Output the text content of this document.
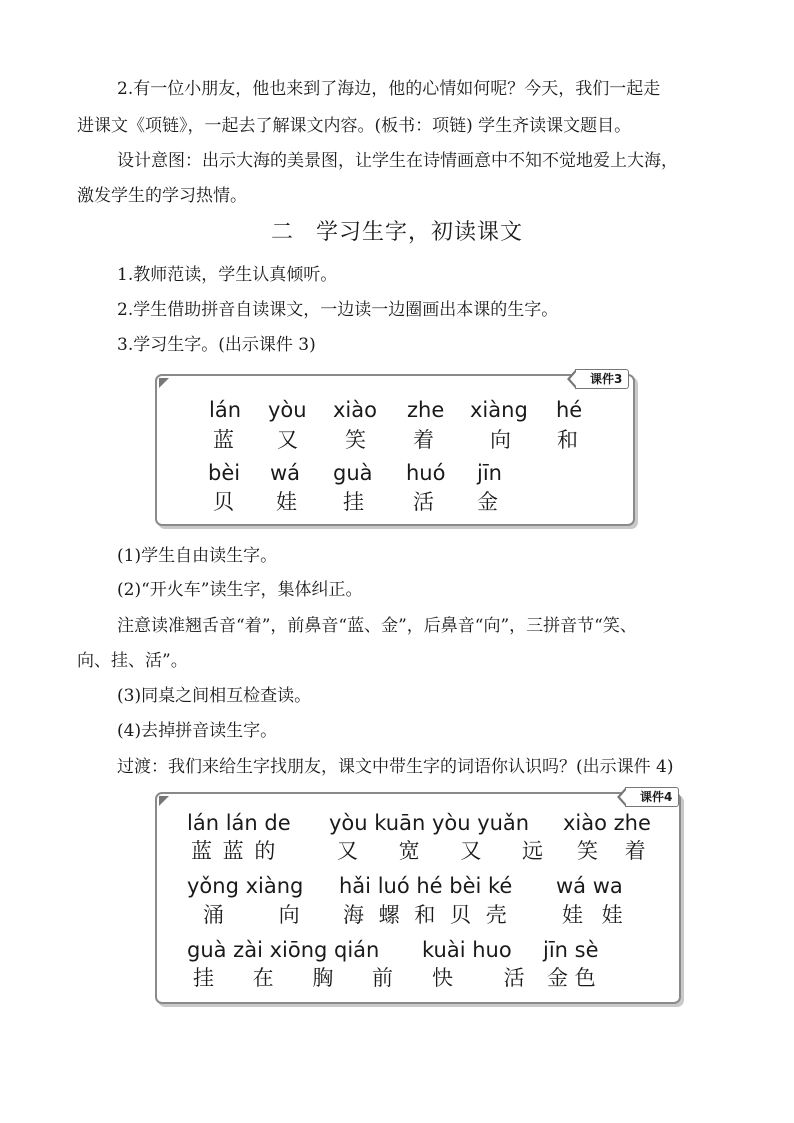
2.有一位小朋友，他也来到了海边，他的心情如何呢？今天，我们一起走
进课文《项链》，一起去了解课文内容。(板书：项链) 学生齐读课文题目。
设计意图：出示大海的美景图，让学生在诗情画意中不知不觉地爱上大海，
激发学生的学习热情。
二 学习生字，初读课文
1.教师范读，学生认真倾听。
2.学生借助拼音自读课文，一边读一边圈画出本课的生字。
3.学习生字。(出示课件 3)
课件3
lán
蓝
yòu
又
xiào
笑
zhe
着
xiàng
向
hé
和
bèi
贝
wá
娃
guà
挂
huó
活
jīn
金
(1)学生自由读生字。
(2)“开火车”读生字，集体纠正。
注意读准翘舌音“着”，前鼻音“蓝、金”，后鼻音“向”，三拼音节“笑、
向、挂、活”。
(3)同桌之间相互检查读。
(4)去掉拼音读生字。
过渡：我们来给生字找朋友，课文中带生字的词语你认识吗？(出示课件 4)
课件4
lán lán de
蓝 蓝 的
yòu kuān yòu yuǎn
又 宽 又 远
xiào zhe
笑 着
yǒng xiàng
涌 向
hǎi luó hé bèi ké
海 螺 和 贝 壳
wá wa
娃 娃
guà zài xiōng qián
挂 在 胸 前
kuài huo
快 活
jīn sè
金 色
